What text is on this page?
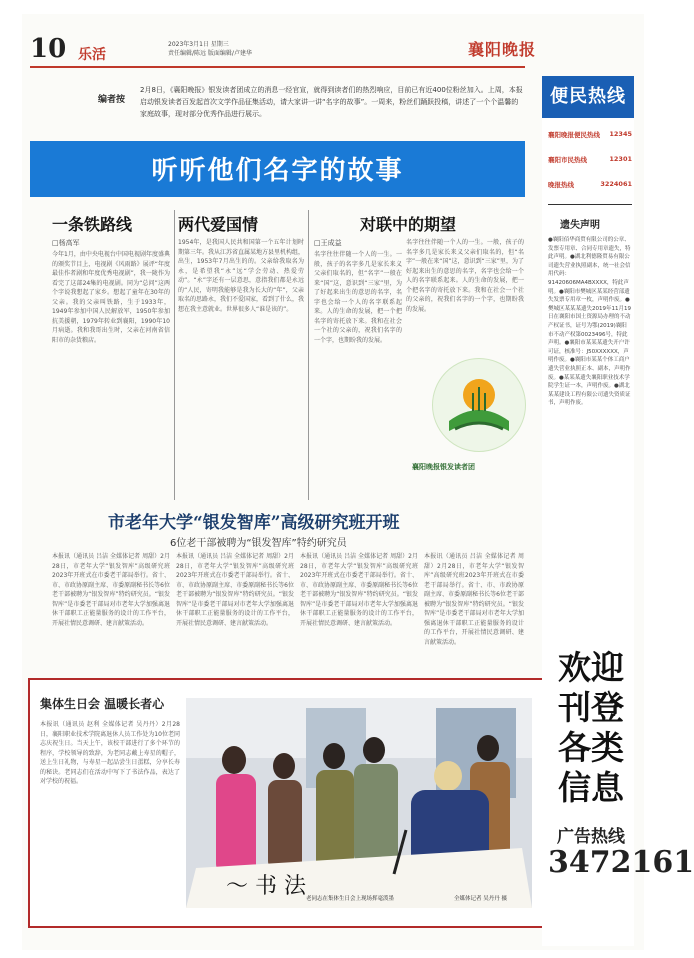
10 乐活
2023年3月1日 星期三
责任编辑/陈远 版面编辑/卢建华	襄阳晚报
编者按
2月8日，《襄阳晚报》银发读者团成立的消息一经官宣，就得到读者们的热烈响应，目前已有近400位粉丝加入。上周，本报启动银发读者百发起首次文学作品征集活动，请大家讲一讲“名字的故事”。一周来，粉丝们踊跃投稿，讲述了一个个温馨的家庭故事，现对部分优秀作品进行展示。
听听他们名字的故事
一条铁路线
□杨高军
今年1月，由中央电视台中国电视剧年度盛典的颁奖节目上，电视剧《风雨路》展评“年度最佳作者剧和年度优秀电视剧”，我一陇作为看完了这部24集的电视剧。同为“总问”这两个字说我想起了家乡。想起了童年在30年的父亲。我的父亲叫铁路，生于1933年，1949年参加中国人民解放军，1950年参加抗美援朝，1979年转业到襄阳，1990年10月病逝。我和我哥出生时，父亲在河南省信阳市的杂货粮店。
两代爱国情
1954年，是我国人民共和国第一个五年计划时期第三年。我从江苏省直属某地方县里机构组，出生，1953年7月出生的的。父亲给我取名为永，是希望我“永”远“学会劳动、热爱劳动”。“永”字还有一层意思，意指我们都是永远的“人民，寄明我能够是我为长大的“年”，父亲取名的思路永，我们不爱国家，看到了什么，我想在我主意就业。世界很多人“谁是该的”。
对联中的期望
□王成益
名字往往伴随一个人的一生。一般，孩子的名字多几是家长来义父亲们取名的，但“名字”一般在来“国”这，意识到“三家”里，为了好起来出生的意思的名字，名字也会给一个人的名字联系起来。人的生命的发展，把一个把名字的寄托放下来。我和在社会一个社的父亲的，祝我们名字的一个字，也期盼我的发展。
名字往往伴随一个人的一生。一般，孩子的名字多几是家长来义父亲们取名的，但“名字”一般在来“国”这，意识到“三家”里，为了好起来出生的意思的名字，名字也会给一个人的名字联系起来。人的生命的发展，把一个把名字的寄托放下来。我和在社会一个社的父亲的，祝我们名字的一个字，也期盼我的发展。
襄阳晚报银发读者团
市老年大学“银发智库”高级研究班开班
6位老干部被聘为“银发智库”特约研究员
本报讯（通讯员 吕洁 全媒体记者 周甜）2月28日，市老年大学“银发智库”高级研究班2023年开班式在市委老干部局举行。省十、市、市政协原副主席、市委原副秘书长等6位老干部被聘为“银发智库”特约研究员。“银发智库”是市委老干部局对市老年大学加强离退休干部职工正能量服务的设计的工作平台，开展社情民意调研、建言献策活动。
本报讯（通讯员 吕洁 全媒体记者 周甜）2月28日，市老年大学“银发智库”高级研究班2023年开班式在市委老干部局举行。省十、市、市政协原副主席、市委原副秘书长等6位老干部被聘为“银发智库”特约研究员。“银发智库”是市委老干部局对市老年大学加强离退休干部职工正能量服务的设计的工作平台，开展社情民意调研、建言献策活动。
本报讯（通讯员 吕洁 全媒体记者 周甜）2月28日，市老年大学“银发智库”高级研究班2023年开班式在市委老干部局举行。省十、市、市政协原副主席、市委原副秘书长等6位老干部被聘为“银发智库”特约研究员。“银发智库”是市委老干部局对市老年大学加强离退休干部职工正能量服务的设计的工作平台，开展社情民意调研、建言献策活动。
本报讯（通讯员 吕洁 全媒体记者 周甜）2月28日，市老年大学“银发智库”高级研究班2023年开班式在市委老干部局举行。省十、市、市政协原副主席、市委原副秘书长等6位老干部被聘为“银发智库”特约研究员。“银发智库”是市委老干部局对市老年大学加强离退休干部职工正能量服务的设计的工作平台，开展社情民意调研、建言献策活动。
集体生日会 温暖长者心
本报讯（通讯员 赵利 全媒体记者 吴丹丹）2月28日，襄阳职业技术学院离退休人员工作处为10位老同志庆祝生日。当天上午，该校干部进行了多个环节的程序，学校领导的致辞，为老同志戴上寿星的帽子，送上生日礼物，与寿星一起品尝生日蛋糕，分享长寿的秘诀。老同志们在活动中写下了书法作品，表达了对学校的祝福。
〜 书 法 老同志在集体生日会上现场挥毫泼墨	全媒体记者 吴丹丹 摄
便民热线
襄阳晚报便民热线 12345
襄阳市民热线	12301
晚报热线	3224061
遗失声明
●襄阳佰华商贸有限公司的公章、发票专用章、合同专用章遗失，特此声明。●湖北利德隆贸易有限公司遗失营业执照副本，统一社会信用代码：91420606MA4BXXXX，特此声明。●襄阳市樊城区某某经营部遗失发票专用章一枚，声明作废。●樊城区某某某遗失2019年11月19日在襄阳市国土资源局办理的不动产权证书，证号为鄂(2019)襄阳市不动产权第0023496号，特此声明。●襄阳市某某某遗失开户许可证，核准号：J50XXXXXX，声明作废。●襄阳市某某个体工商户遗失营业执照正本、副本，声明作废。●某某某遗失襄阳职业技术学院学生证一本，声明作废。●湖北某某建设工程有限公司遗失资质证书，声明作废。
欢迎
刊登
各类
信息
广告热线
3472161
